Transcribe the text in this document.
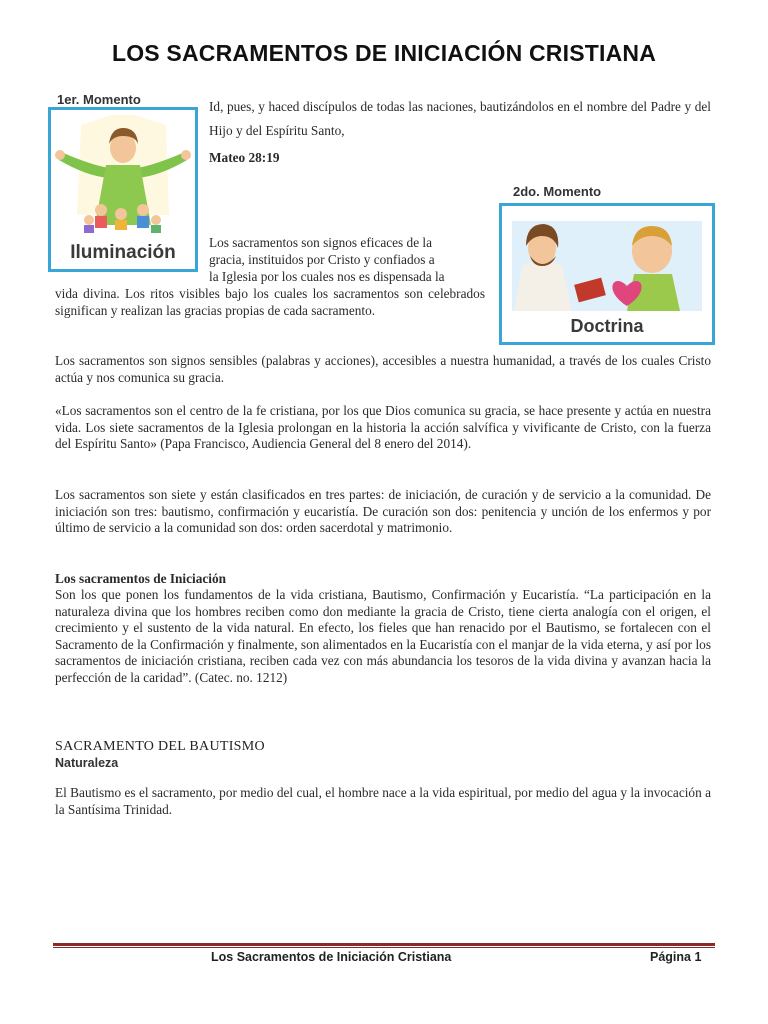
LOS SACRAMENTOS DE INICIACIÓN CRISTIANA
1er. Momento
Iluminación
Id, pues, y haced discípulos de todas las naciones, bautizándolos en el nombre del Padre y del Hijo y del Espíritu Santo,
Mateo 28:19
2do. Momento
Doctrina
Los sacramentos son signos eficaces de la
gracia, instituidos por Cristo y confiados a
la Iglesia por los cuales nos es dispensada la
vida divina. Los ritos visibles bajo los cuales los sacramentos son celebrados significan y realizan las gracias propias de cada sacramento.
Los sacramentos son signos sensibles (palabras y acciones), accesibles a nuestra humanidad, a través de los cuales Cristo actúa y nos comunica su gracia.
«Los sacramentos son el centro de la fe cristiana, por los que Dios comunica su gracia, se hace presente y actúa en nuestra vida. Los siete sacramentos de la Iglesia prolongan en la historia la acción salvífica y vivificante de Cristo, con la fuerza del Espíritu Santo» (Papa Francisco, Audiencia General del 8 enero del 2014).
Los sacramentos son siete y están clasificados en tres partes: de iniciación, de curación y de servicio a la comunidad. De iniciación son tres: bautismo, confirmación y eucaristía. De curación son dos: penitencia y unción de los enfermos y por último de servicio a la comunidad son dos: orden sacerdotal y matrimonio.
Los sacramentos de Iniciación
Son los que ponen los fundamentos de la vida cristiana, Bautismo, Confirmación y Eucaristía. “La participación en la naturaleza divina que los hombres reciben como don mediante la gracia de Cristo, tiene cierta analogía con el origen, el crecimiento y el sustento de la vida natural. En efecto, los fieles que han renacido por el Bautismo, se fortalecen con el Sacramento de la Confirmación y finalmente, son alimentados en la Eucaristía con el manjar de la vida eterna, y así por los sacramentos de iniciación cristiana, reciben cada vez con más abundancia los tesoros de la vida divina y avanzan hacia la perfección de la caridad”. (Catec. no. 1212)
SACRAMENTO DEL BAUTISMO
Naturaleza
El Bautismo es el sacramento, por medio del cual, el hombre nace a la vida espiritual, por medio del agua y la invocación a la Santísima Trinidad.
Los Sacramentos de Iniciación Cristiana	Página 1
